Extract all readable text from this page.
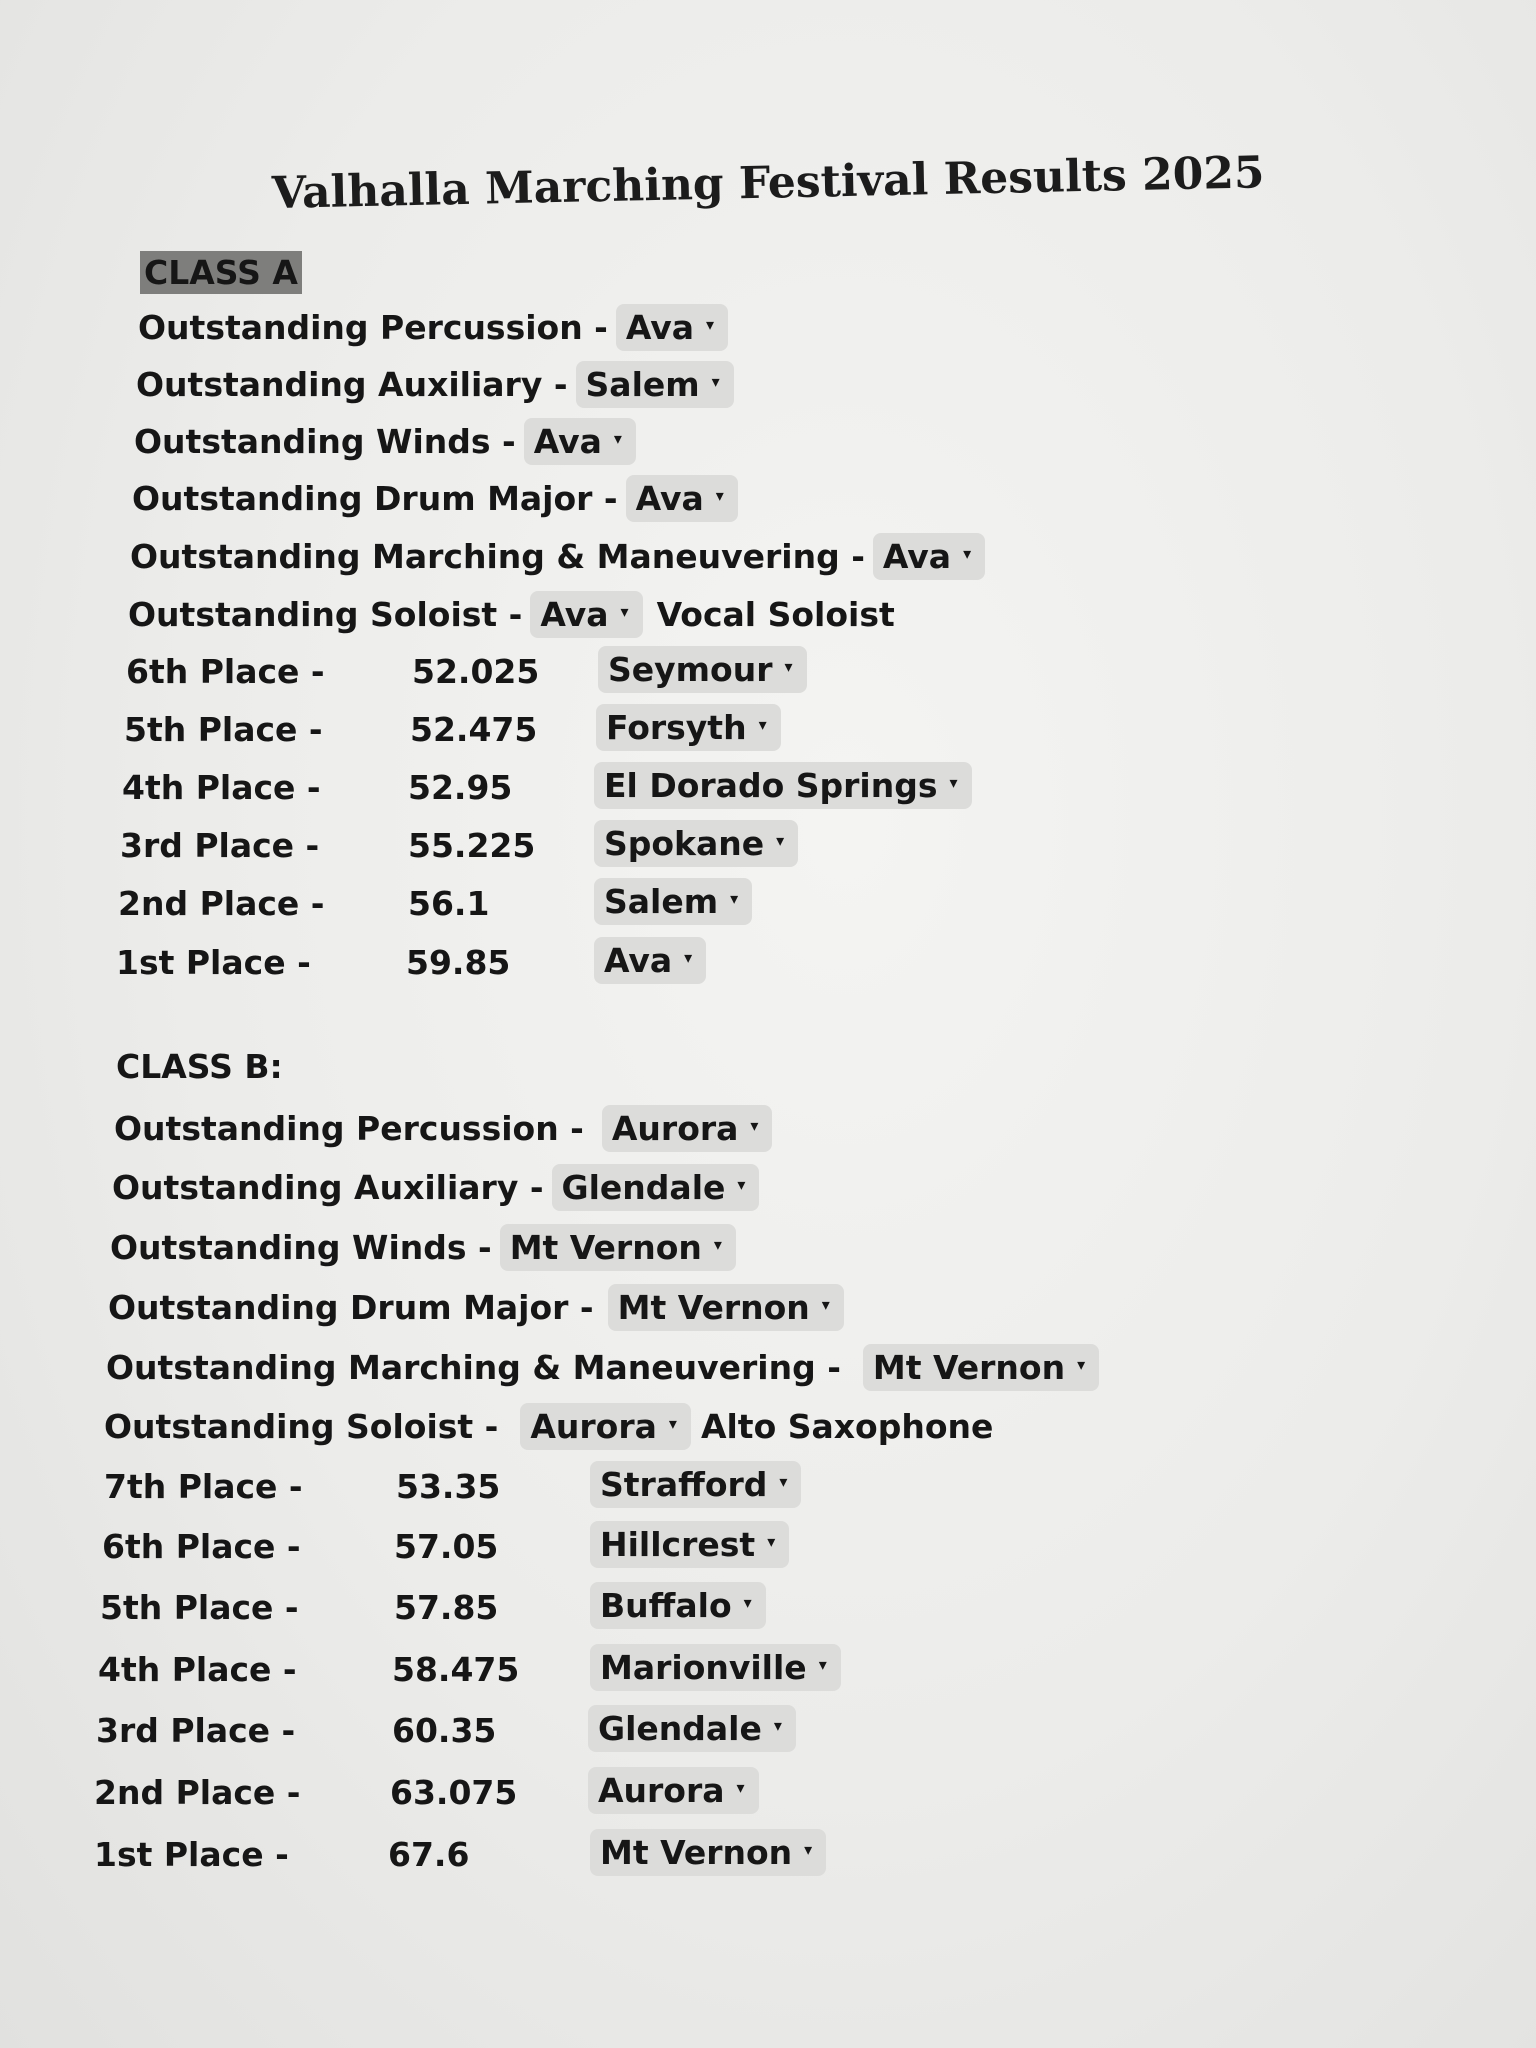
Valhalla Marching Festival Results 2025
CLASS A
Outstanding Percussion - Ava ▾
Outstanding Auxiliary - Salem ▾
Outstanding Winds - Ava ▾
Outstanding Drum Major - Ava ▾
Outstanding Marching & Maneuvering - Ava ▾
Outstanding Soloist - Ava ▾ Vocal Soloist
6th Place -	52.025 Seymour ▾
5th Place -	52.475 Forsyth ▾
4th Place -	52.95	El Dorado Springs ▾
3rd Place -	55.225 Spokane ▾
2nd Place -	56.1	Salem ▾
1st Place -	59.85	Ava ▾
CLASS B:
Outstanding Percussion - Aurora ▾
Outstanding Auxiliary - Glendale ▾
Outstanding Winds - Mt Vernon ▾
Outstanding Drum Major - Mt Vernon ▾
Outstanding Marching & Maneuvering - Mt Vernon ▾
Outstanding Soloist - Aurora ▾ Alto Saxophone
7th Place -	53.35	Strafford ▾
6th Place -	57.05	Hillcrest ▾
5th Place -	57.85	Buffalo ▾
4th Place -	58.475 Marionville ▾
3rd Place -	60.35	Glendale ▾
2nd Place -	63.075 Aurora ▾
1st Place -	67.6	Mt Vernon ▾
